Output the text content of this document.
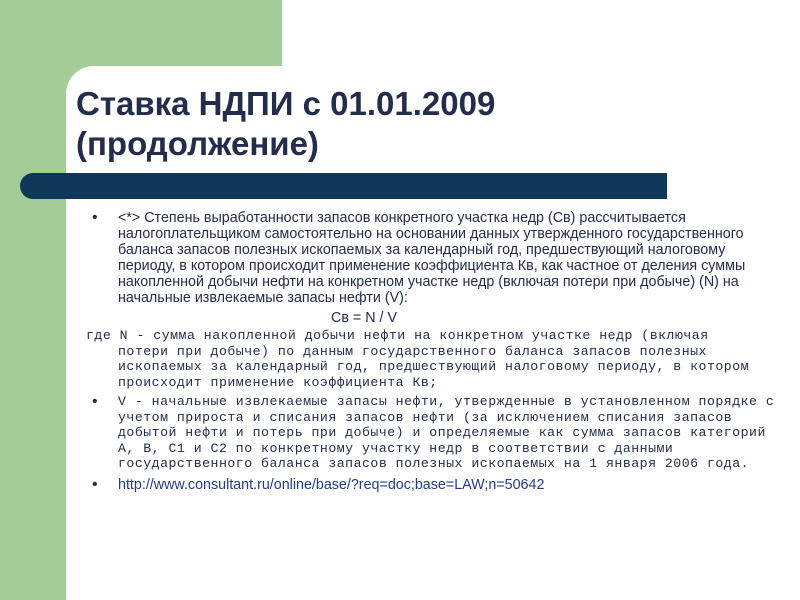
Ставка НДПИ с 01.01.2009
(продолжение)
• <*> Степень выработанности запасов конкретного участка недр (Св) рассчитывается налогоплательщиком самостоятельно на основании данных утвержденного государственного баланса запасов полезных ископаемых за календарный год, предшествующий налоговому периоду, в котором происходит применение коэффициента Кв, как частное от деления суммы накопленной добычи нефти на конкретном участке недр (включая потери при добыче) (N) на начальные извлекаемые запасы нефти (V):
Св = N / V
где N - сумма накопленной добычи нефти на конкретном участке недр (включая
потери при добыче) по данным государственного баланса запасов полезных ископаемых за календарный год, предшествующий налоговому периоду, в котором происходит применение коэффициента Кв;
• V - начальные извлекаемые запасы нефти, утвержденные в установленном порядке с учетом прироста и списания запасов нефти (за исключением списания запасов добытой нефти и потерь при добыче) и определяемые как сумма запасов категорий A, B, C1 и C2 по конкретному участку недр в соответствии с данными государственного баланса запасов полезных ископаемых на 1 января 2006 года.
• http://www.consultant.ru/online/base/?req=doc;base=LAW;n=50642
